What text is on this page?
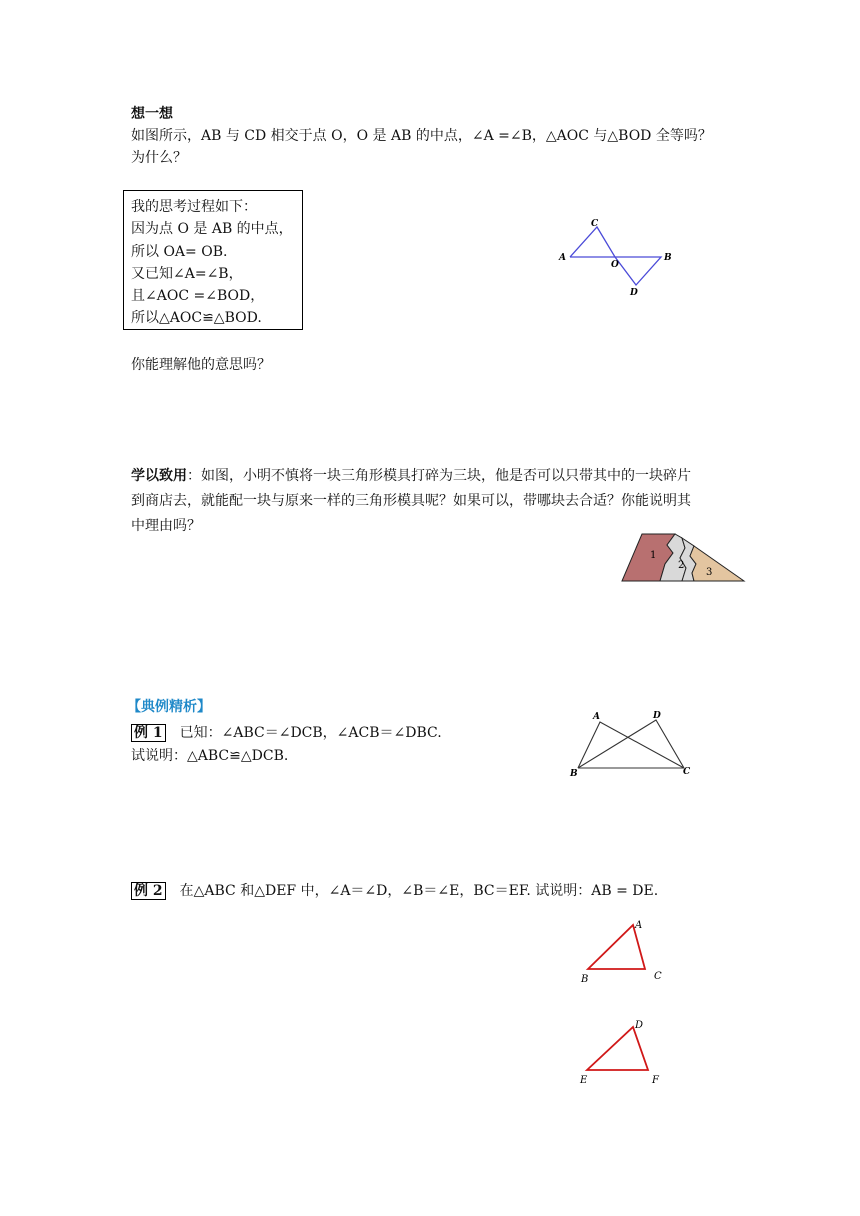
想一想
如图所示，AB 与 CD 相交于点 O，O 是 AB 的中点，∠A =∠B，△AOC 与△BOD 全等吗？
为什么？
我的思考过程如下：
因为点 O 是 AB 的中点，
所以 OA= OB.
又已知∠A=∠B，
且∠AOC =∠BOD，
所以△AOC≌△BOD.
A
C
O
B
D
你能理解他的意思吗？
学以致用：如图，小明不慎将一块三角形模具打碎为三块，他是否可以只带其中的一块碎片
到商店去，就能配一块与原来一样的三角形模具呢？如果可以，带哪块去合适？你能说明其
中理由吗？
1
2
3
【典例精析】
例 1 已知：∠ABC＝∠DCB，∠ACB＝∠DBC.
试说明：△ABC≌△DCB.
A	D
B	C
例 2 在△ABC 和△DEF 中，∠A＝∠D，∠B＝∠E，BC＝EF. 试说明：AB = DE.
A
B	C
D
E	F
